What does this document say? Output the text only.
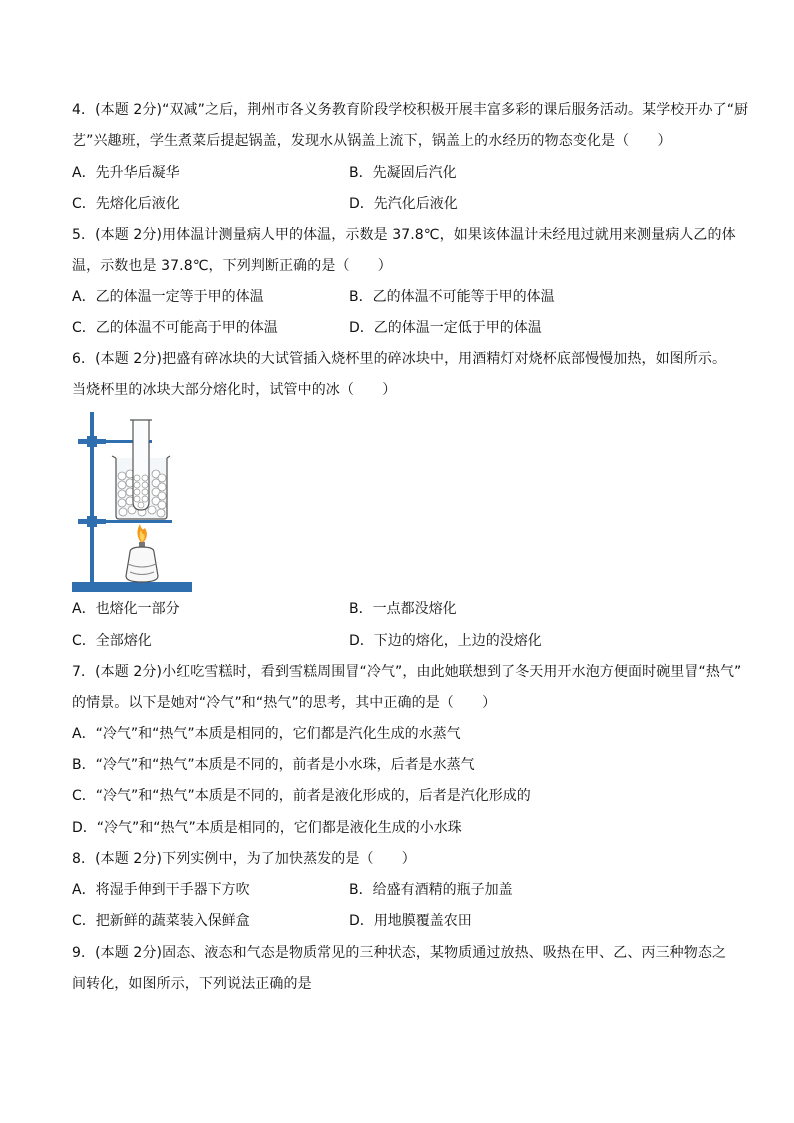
4．(本题 2分)“双减”之后，荆州市各义务教育阶段学校积极开展丰富多彩的课后服务活动。某学校开办了“厨
艺”兴趣班，学生煮菜后提起锅盖，发现水从锅盖上流下，锅盖上的水经历的物态变化是（　　）
A．先升华后凝华	B．先凝固后汽化
C．先熔化后液化	D．先汽化后液化
5．(本题 2分)用体温计测量病人甲的体温，示数是 37.8℃，如果该体温计未经甩过就用来测量病人乙的体
温，示数也是 37.8℃，下列判断正确的是（　　）
A．乙的体温一定等于甲的体温	B．乙的体温不可能等于甲的体温
C．乙的体温不可能高于甲的体温	D．乙的体温一定低于甲的体温
6．(本题 2分)把盛有碎冰块的大试管插入烧杯里的碎冰块中，用酒精灯对烧杯底部慢慢加热，如图所示。
当烧杯里的冰块大部分熔化时，试管中的冰（　　）
A．也熔化一部分	B．一点都没熔化
C．全部熔化	D．下边的熔化，上边的没熔化
7．(本题 2分)小红吃雪糕时，看到雪糕周围冒“冷气”，由此她联想到了冬天用开水泡方便面时碗里冒“热气”
的情景。以下是她对“冷气”和“热气”的思考，其中正确的是（　　）
A．“冷气”和“热气”本质是相同的，它们都是汽化生成的水蒸气
B．“冷气”和“热气”本质是不同的，前者是小水珠，后者是水蒸气
C．“冷气”和“热气”本质是不同的，前者是液化形成的，后者是汽化形成的
D．“冷气”和“热气”本质是相同的，它们都是液化生成的小水珠
8．(本题 2分)下列实例中，为了加快蒸发的是（　　）
A．将湿手伸到干手器下方吹	B．给盛有酒精的瓶子加盖
C．把新鲜的蔬菜装入保鲜盒	D．用地膜覆盖农田
9．(本题 2分)固态、液态和气态是物质常见的三种状态，某物质通过放热、吸热在甲、乙、丙三种物态之
间转化，如图所示，下列说法正确的是
